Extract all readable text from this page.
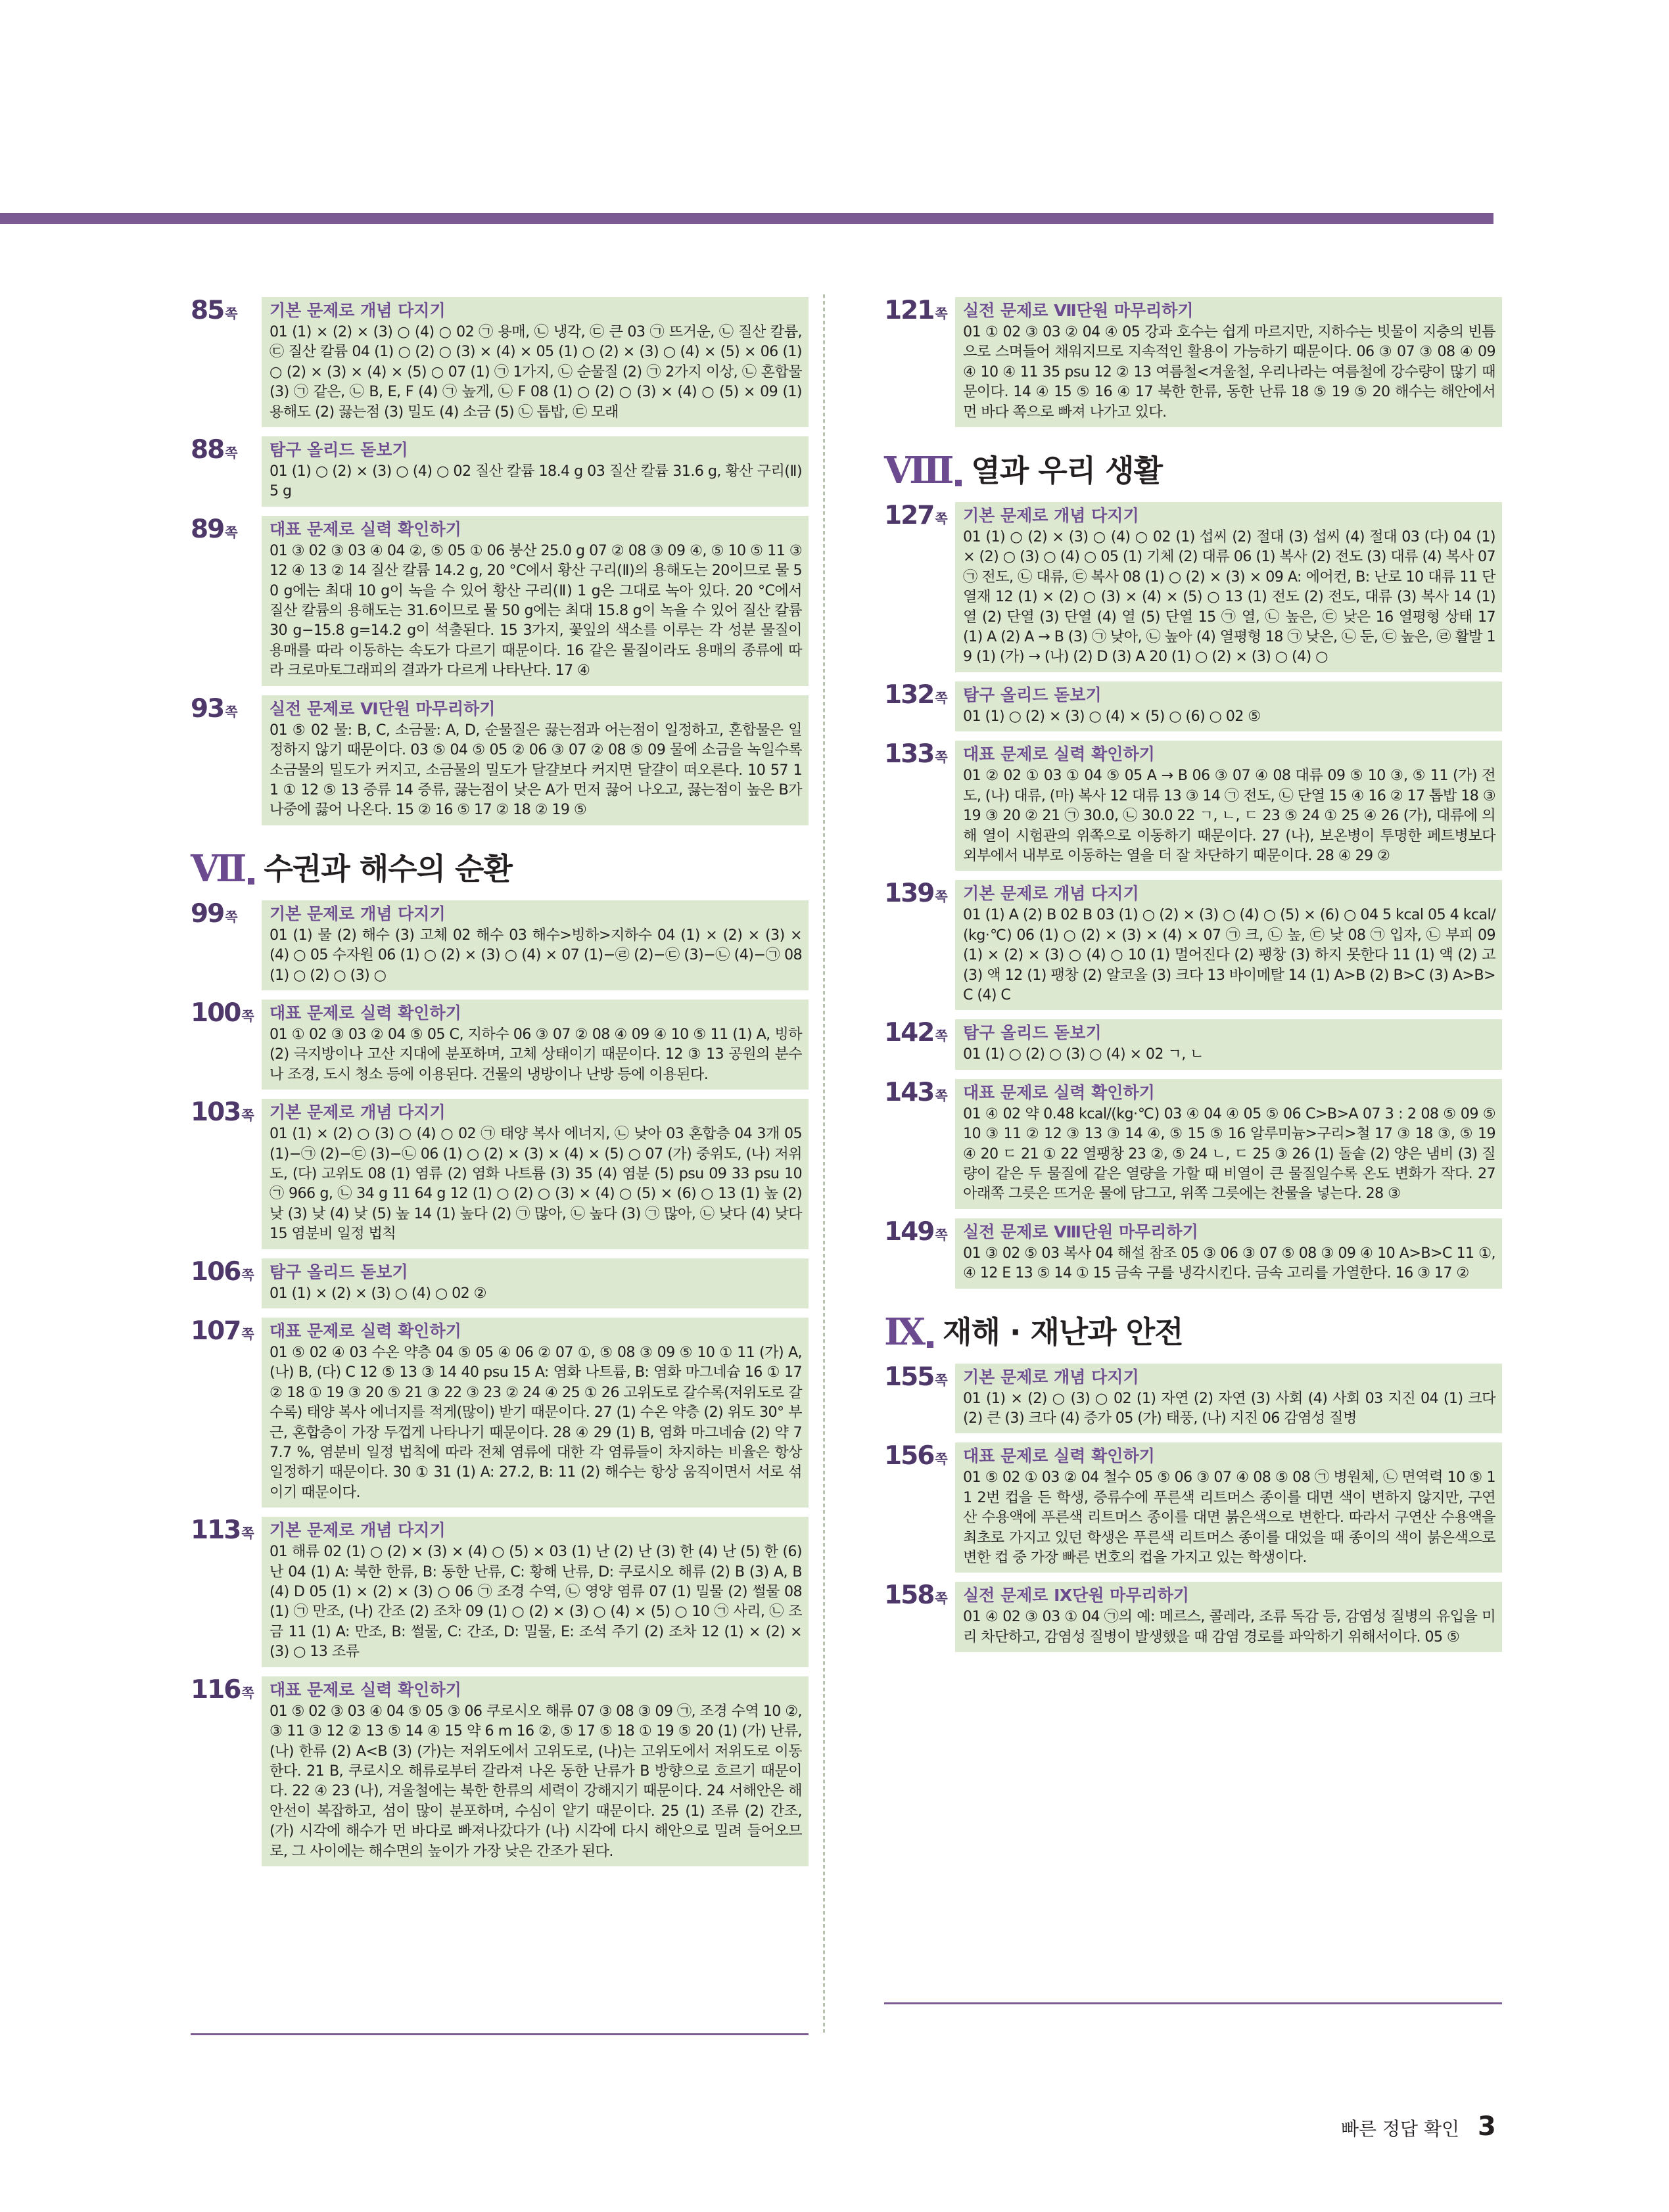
85 $^쪽$	기본 문제로 개념 다지기
01 (1) × (2) × (3) ○ (4) ○ 02 ㉠ 용매, ㉡ 냉각, ㉢ 큰 03 ㉠ 뜨거운, ㉡ 질산 칼륨, ㉢ 질산 칼륨 04 (1) ○ (2) ○ (3) × (4) × 05 (1) ○ (2) × (3) ○ (4) × (5) × 06 (1) ○ (2) × (3) × (4) × (5) ○ 07 (1) ㉠ 1가지, ㉡ 순물질 (2) ㉠ 2가지 이상, ㉡ 혼합물 (3) ㉠ 같은, ㉡ B, E, F (4) ㉠ 높게, ㉡ F 08 (1) ○ (2) ○ (3) × (4) ○ (5) × 09 (1) 용해도 (2) 끓는점 (3) 밀도 (4) 소금 (5) ㉡ 톱밥, ㉢ 모래
88 $^쪽$	탐구 올리드 돋보기
01 (1) ○ (2) × (3) ○ (4) ○ 02 질산 칼륨 18.4 g 03 질산 칼륨 31.6 g, 황산 구리(Ⅱ) 5 g
89 $^쪽$	대표 문제로 실력 확인하기
01 ③ 02 ③ 03 ④ 04 ②, ⑤ 05 ① 06 붕산 25.0 g 07 ② 08 ③ 09 ④, ⑤ 10 ⑤ 11 ③ 12 ④ 13 ② 14 질산 칼륨 14.2 g, 20 °C에서 황산 구리(Ⅱ)의 용해도는 20이므로 물 50 g에는 최대 10 g이 녹을 수 있어 황산 구리(Ⅱ) 1 g은 그대로 녹아 있다. 20 °C에서 질산 칼륨의 용해도는 31.6이므로 물 50 g에는 최대 15.8 g이 녹을 수 있어 질산 칼륨 30 g−15.8 g=14.2 g이 석출된다. 15 3가지, 꽃잎의 색소를 이루는 각 성분 물질이 용매를 따라 이동하는 속도가 다르기 때문이다. 16 같은 물질이라도 용매의 종류에 따라 크로마토그래피의 결과가 다르게 나타난다. 17 ④
93 $^쪽$	실전 문제로 Ⅵ단원 마무리하기
01 ⑤ 02 물: B, C, 소금물: A, D, 순물질은 끓는점과 어는점이 일정하고, 혼합물은 일정하지 않기 때문이다. 03 ⑤ 04 ⑤ 05 ② 06 ③ 07 ② 08 ⑤ 09 물에 소금을 녹일수록 소금물의 밀도가 커지고, 소금물의 밀도가 달걀보다 커지면 달걀이 떠오른다. 10 57 11 ① 12 ⑤ 13 증류 14 증류, 끓는점이 낮은 A가 먼저 끓어 나오고, 끓는점이 높은 B가 나중에 끓어 나온다. 15 ② 16 ⑤ 17 ② 18 ② 19 ⑤
Ⅶ 수권과 해수의 순환
99 $^쪽$	기본 문제로 개념 다지기
01 (1) 물 (2) 해수 (3) 고체 02 해수 03 해수>빙하>지하수 04 (1) × (2) × (3) × (4) ○ 05 수자원 06 (1) ○ (2) × (3) ○ (4) × 07 (1)−㉣ (2)−㉢ (3)−㉡ (4)−㉠ 08 (1) ○ (2) ○ (3) ○
100 $^쪽$ 대표 문제로 실력 확인하기
01 ① 02 ③ 03 ② 04 ⑤ 05 C, 지하수 06 ③ 07 ② 08 ④ 09 ④ 10 ⑤ 11 (1) A, 빙하 (2) 극지방이나 고산 지대에 분포하며, 고체 상태이기 때문이다. 12 ③ 13 공원의 분수나 조경, 도시 청소 등에 이용된다. 건물의 냉방이나 난방 등에 이용된다.
103 $^쪽$ 기본 문제로 개념 다지기
01 (1) × (2) ○ (3) ○ (4) ○ 02 ㉠ 태양 복사 에너지, ㉡ 낮아 03 혼합층 04 3개 05 (1)−㉠ (2)−㉢ (3)−㉡ 06 (1) ○ (2) × (3) × (4) × (5) ○ 07 (가) 중위도, (나) 저위도, (다) 고위도 08 (1) 염류 (2) 염화 나트륨 (3) 35 (4) 염분 (5) psu 09 33 psu 10 ㉠ 966 g, ㉡ 34 g 11 64 g 12 (1) ○ (2) ○ (3) × (4) ○ (5) × (6) ○ 13 (1) 높 (2) 낮 (3) 낮 (4) 낮 (5) 높 14 (1) 높다 (2) ㉠ 많아, ㉡ 높다 (3) ㉠ 많아, ㉡ 낮다 (4) 낮다 15 염분비 일정 법칙
106 $^쪽$ 탐구 올리드 돋보기
01 (1) × (2) × (3) ○ (4) ○ 02 ②
107 $^쪽$ 대표 문제로 실력 확인하기
01 ⑤ 02 ④ 03 수온 약층 04 ⑤ 05 ④ 06 ② 07 ①, ⑤ 08 ③ 09 ⑤ 10 ① 11 (가) A, (나) B, (다) C 12 ⑤ 13 ③ 14 40 psu 15 A: 염화 나트륨, B: 염화 마그네슘 16 ① 17 ② 18 ① 19 ③ 20 ⑤ 21 ③ 22 ③ 23 ② 24 ④ 25 ① 26 고위도로 갈수록(저위도로 갈수록) 태양 복사 에너지를 적게(많이) 받기 때문이다. 27 (1) 수온 약층 (2) 위도 30° 부근, 혼합층이 가장 두껍게 나타나기 때문이다. 28 ④ 29 (1) B, 염화 마그네슘 (2) 약 77.7 %, 염분비 일정 법칙에 따라 전체 염류에 대한 각 염류들이 차지하는 비율은 항상 일정하기 때문이다. 30 ① 31 (1) A: 27.2, B: 11 (2) 해수는 항상 움직이면서 서로 섞이기 때문이다.
113 $^쪽$ 기본 문제로 개념 다지기
01 해류 02 (1) ○ (2) × (3) × (4) ○ (5) × 03 (1) 난 (2) 난 (3) 한 (4) 난 (5) 한 (6) 난 04 (1) A: 북한 한류, B: 동한 난류, C: 황해 난류, D: 쿠로시오 해류 (2) B (3) A, B (4) D 05 (1) × (2) × (3) ○ 06 ㉠ 조경 수역, ㉡ 영양 염류 07 (1) 밀물 (2) 썰물 08 (1) ㉠ 만조, (나) 간조 (2) 조차 09 (1) ○ (2) × (3) ○ (4) × (5) ○ 10 ㉠ 사리, ㉡ 조금 11 (1) A: 만조, B: 썰물, C: 간조, D: 밀물, E: 조석 주기 (2) 조차 12 (1) × (2) × (3) ○ 13 조류
116 $^쪽$ 대표 문제로 실력 확인하기
01 ⑤ 02 ③ 03 ④ 04 ⑤ 05 ③ 06 쿠로시오 해류 07 ③ 08 ③ 09 ㉠, 조경 수역 10 ②, ③ 11 ③ 12 ② 13 ⑤ 14 ④ 15 약 6 m 16 ②, ⑤ 17 ⑤ 18 ① 19 ⑤ 20 (1) (가) 난류, (나) 한류 (2) A<B (3) (가)는 저위도에서 고위도로, (나)는 고위도에서 저위도로 이동한다. 21 B, 쿠로시오 해류로부터 갈라져 나온 동한 난류가 B 방향으로 흐르기 때문이다. 22 ④ 23 (나), 겨울철에는 북한 한류의 세력이 강해지기 때문이다. 24 서해안은 해안선이 복잡하고, 섬이 많이 분포하며, 수심이 얕기 때문이다. 25 (1) 조류 (2) 간조, (가) 시각에 해수가 먼 바다로 빠져나갔다가 (나) 시각에 다시 해안으로 밀려 들어오므로, 그 사이에는 해수면의 높이가 가장 낮은 간조가 된다.
121 $^쪽$ 실전 문제로 Ⅶ단원 마무리하기
01 ① 02 ③ 03 ② 04 ④ 05 강과 호수는 쉽게 마르지만, 지하수는 빗물이 지층의 빈틈으로 스며들어 채워지므로 지속적인 활용이 가능하기 때문이다. 06 ③ 07 ③ 08 ④ 09 ④ 10 ④ 11 35 psu 12 ② 13 여름철<겨울철, 우리나라는 여름철에 강수량이 많기 때문이다. 14 ④ 15 ⑤ 16 ④ 17 북한 한류, 동한 난류 18 ⑤ 19 ⑤ 20 해수는 해안에서 먼 바다 쪽으로 빠져 나가고 있다.
Ⅷ 열과 우리 생활
127 $^쪽$ 기본 문제로 개념 다지기
01 (1) ○ (2) × (3) ○ (4) ○ 02 (1) 섭씨 (2) 절대 (3) 섭씨 (4) 절대 03 (다) 04 (1) × (2) ○ (3) ○ (4) ○ 05 (1) 기체 (2) 대류 06 (1) 복사 (2) 전도 (3) 대류 (4) 복사 07 ㉠ 전도, ㉡ 대류, ㉢ 복사 08 (1) ○ (2) × (3) × 09 A: 에어컨, B: 난로 10 대류 11 단열재 12 (1) × (2) ○ (3) × (4) × (5) ○ 13 (1) 전도 (2) 전도, 대류 (3) 복사 14 (1) 열 (2) 단열 (3) 단열 (4) 열 (5) 단열 15 ㉠ 열, ㉡ 높은, ㉢ 낮은 16 열평형 상태 17 (1) A (2) A → B (3) ㉠ 낮아, ㉡ 높아 (4) 열평형 18 ㉠ 낮은, ㉡ 둔, ㉢ 높은, ㉣ 활발 19 (1) (가) → (나) (2) D (3) A 20 (1) ○ (2) × (3) ○ (4) ○
132 $^쪽$ 탐구 올리드 돋보기
01 (1) ○ (2) × (3) ○ (4) × (5) ○ (6) ○ 02 ⑤
133 $^쪽$ 대표 문제로 실력 확인하기
01 ② 02 ① 03 ① 04 ⑤ 05 A → B 06 ③ 07 ④ 08 대류 09 ⑤ 10 ③, ⑤ 11 (가) 전도, (나) 대류, (마) 복사 12 대류 13 ③ 14 ㉠ 전도, ㉡ 단열 15 ④ 16 ② 17 톱밥 18 ③ 19 ③ 20 ② 21 ㉠ 30.0, ㉡ 30.0 22 ㄱ, ㄴ, ㄷ 23 ⑤ 24 ① 25 ④ 26 (가), 대류에 의해 열이 시험관의 위쪽으로 이동하기 때문이다. 27 (나), 보온병이 투명한 페트병보다 외부에서 내부로 이동하는 열을 더 잘 차단하기 때문이다. 28 ④ 29 ②
139 $^쪽$ 기본 문제로 개념 다지기
01 (1) A (2) B 02 B 03 (1) ○ (2) × (3) ○ (4) ○ (5) × (6) ○ 04 5 kcal 05 4 kcal/(kg·℃) 06 (1) ○ (2) × (3) × (4) × 07 ㉠ 크, ㉡ 높, ㉢ 낮 08 ㉠ 입자, ㉡ 부피 09 (1) × (2) × (3) ○ (4) ○ 10 (1) 멀어진다 (2) 팽창 (3) 하지 못한다 11 (1) 액 (2) 고 (3) 액 12 (1) 팽창 (2) 알코올 (3) 크다 13 바이메탈 14 (1) A>B (2) B>C (3) A>B>C (4) C
142 $^쪽$ 탐구 올리드 돋보기
01 (1) ○ (2) ○ (3) ○ (4) × 02 ㄱ, ㄴ
143 $^쪽$ 대표 문제로 실력 확인하기
01 ④ 02 약 0.48 kcal/(kg·℃) 03 ④ 04 ④ 05 ⑤ 06 C>B>A 07 3 : 2 08 ⑤ 09 ⑤ 10 ③ 11 ② 12 ③ 13 ③ 14 ④, ⑤ 15 ⑤ 16 알루미늄>구리>철 17 ③ 18 ③, ⑤ 19 ④ 20 ㄷ 21 ① 22 열팽창 23 ②, ⑤ 24 ㄴ, ㄷ 25 ③ 26 (1) 돌솥 (2) 양은 냄비 (3) 질량이 같은 두 물질에 같은 열량을 가할 때 비열이 큰 물질일수록 온도 변화가 작다. 27 아래쪽 그릇은 뜨거운 물에 담그고, 위쪽 그릇에는 찬물을 넣는다. 28 ③
149 $^쪽$ 실전 문제로 Ⅷ단원 마무리하기
01 ③ 02 ⑤ 03 복사 04 해설 참조 05 ③ 06 ③ 07 ⑤ 08 ③ 09 ④ 10 A>B>C 11 ①, ④ 12 E 13 ⑤ 14 ① 15 금속 구를 냉각시킨다. 금속 고리를 가열한다. 16 ③ 17 ②
Ⅸ 재해 · 재난과 안전
155 $^쪽$ 기본 문제로 개념 다지기
01 (1) × (2) ○ (3) ○ 02 (1) 자연 (2) 자연 (3) 사회 (4) 사회 03 지진 04 (1) 크다 (2) 큰 (3) 크다 (4) 증가 05 (가) 태풍, (나) 지진 06 감염성 질병
156 $^쪽$ 대표 문제로 실력 확인하기
01 ⑤ 02 ① 03 ② 04 철수 05 ⑤ 06 ③ 07 ④ 08 ⑤ 08 ㉠ 병원체, ㉡ 면역력 10 ⑤ 11 2번 컵을 든 학생, 증류수에 푸른색 리트머스 종이를 대면 색이 변하지 않지만, 구연산 수용액에 푸른색 리트머스 종이를 대면 붉은색으로 변한다. 따라서 구연산 수용액을 최초로 가지고 있던 학생은 푸른색 리트머스 종이를 대었을 때 종이의 색이 붉은색으로 변한 컵 중 가장 빠른 번호의 컵을 가지고 있는 학생이다.
158 $^쪽$ 실전 문제로 Ⅸ단원 마무리하기
01 ④ 02 ③ 03 ① 04 ㉠의 예: 메르스, 콜레라, 조류 독감 등, 감염성 질병의 유입을 미리 차단하고, 감염성 질병이 발생했을 때 감염 경로를 파악하기 위해서이다. 05 ⑤
빠른 정답 확인 3
